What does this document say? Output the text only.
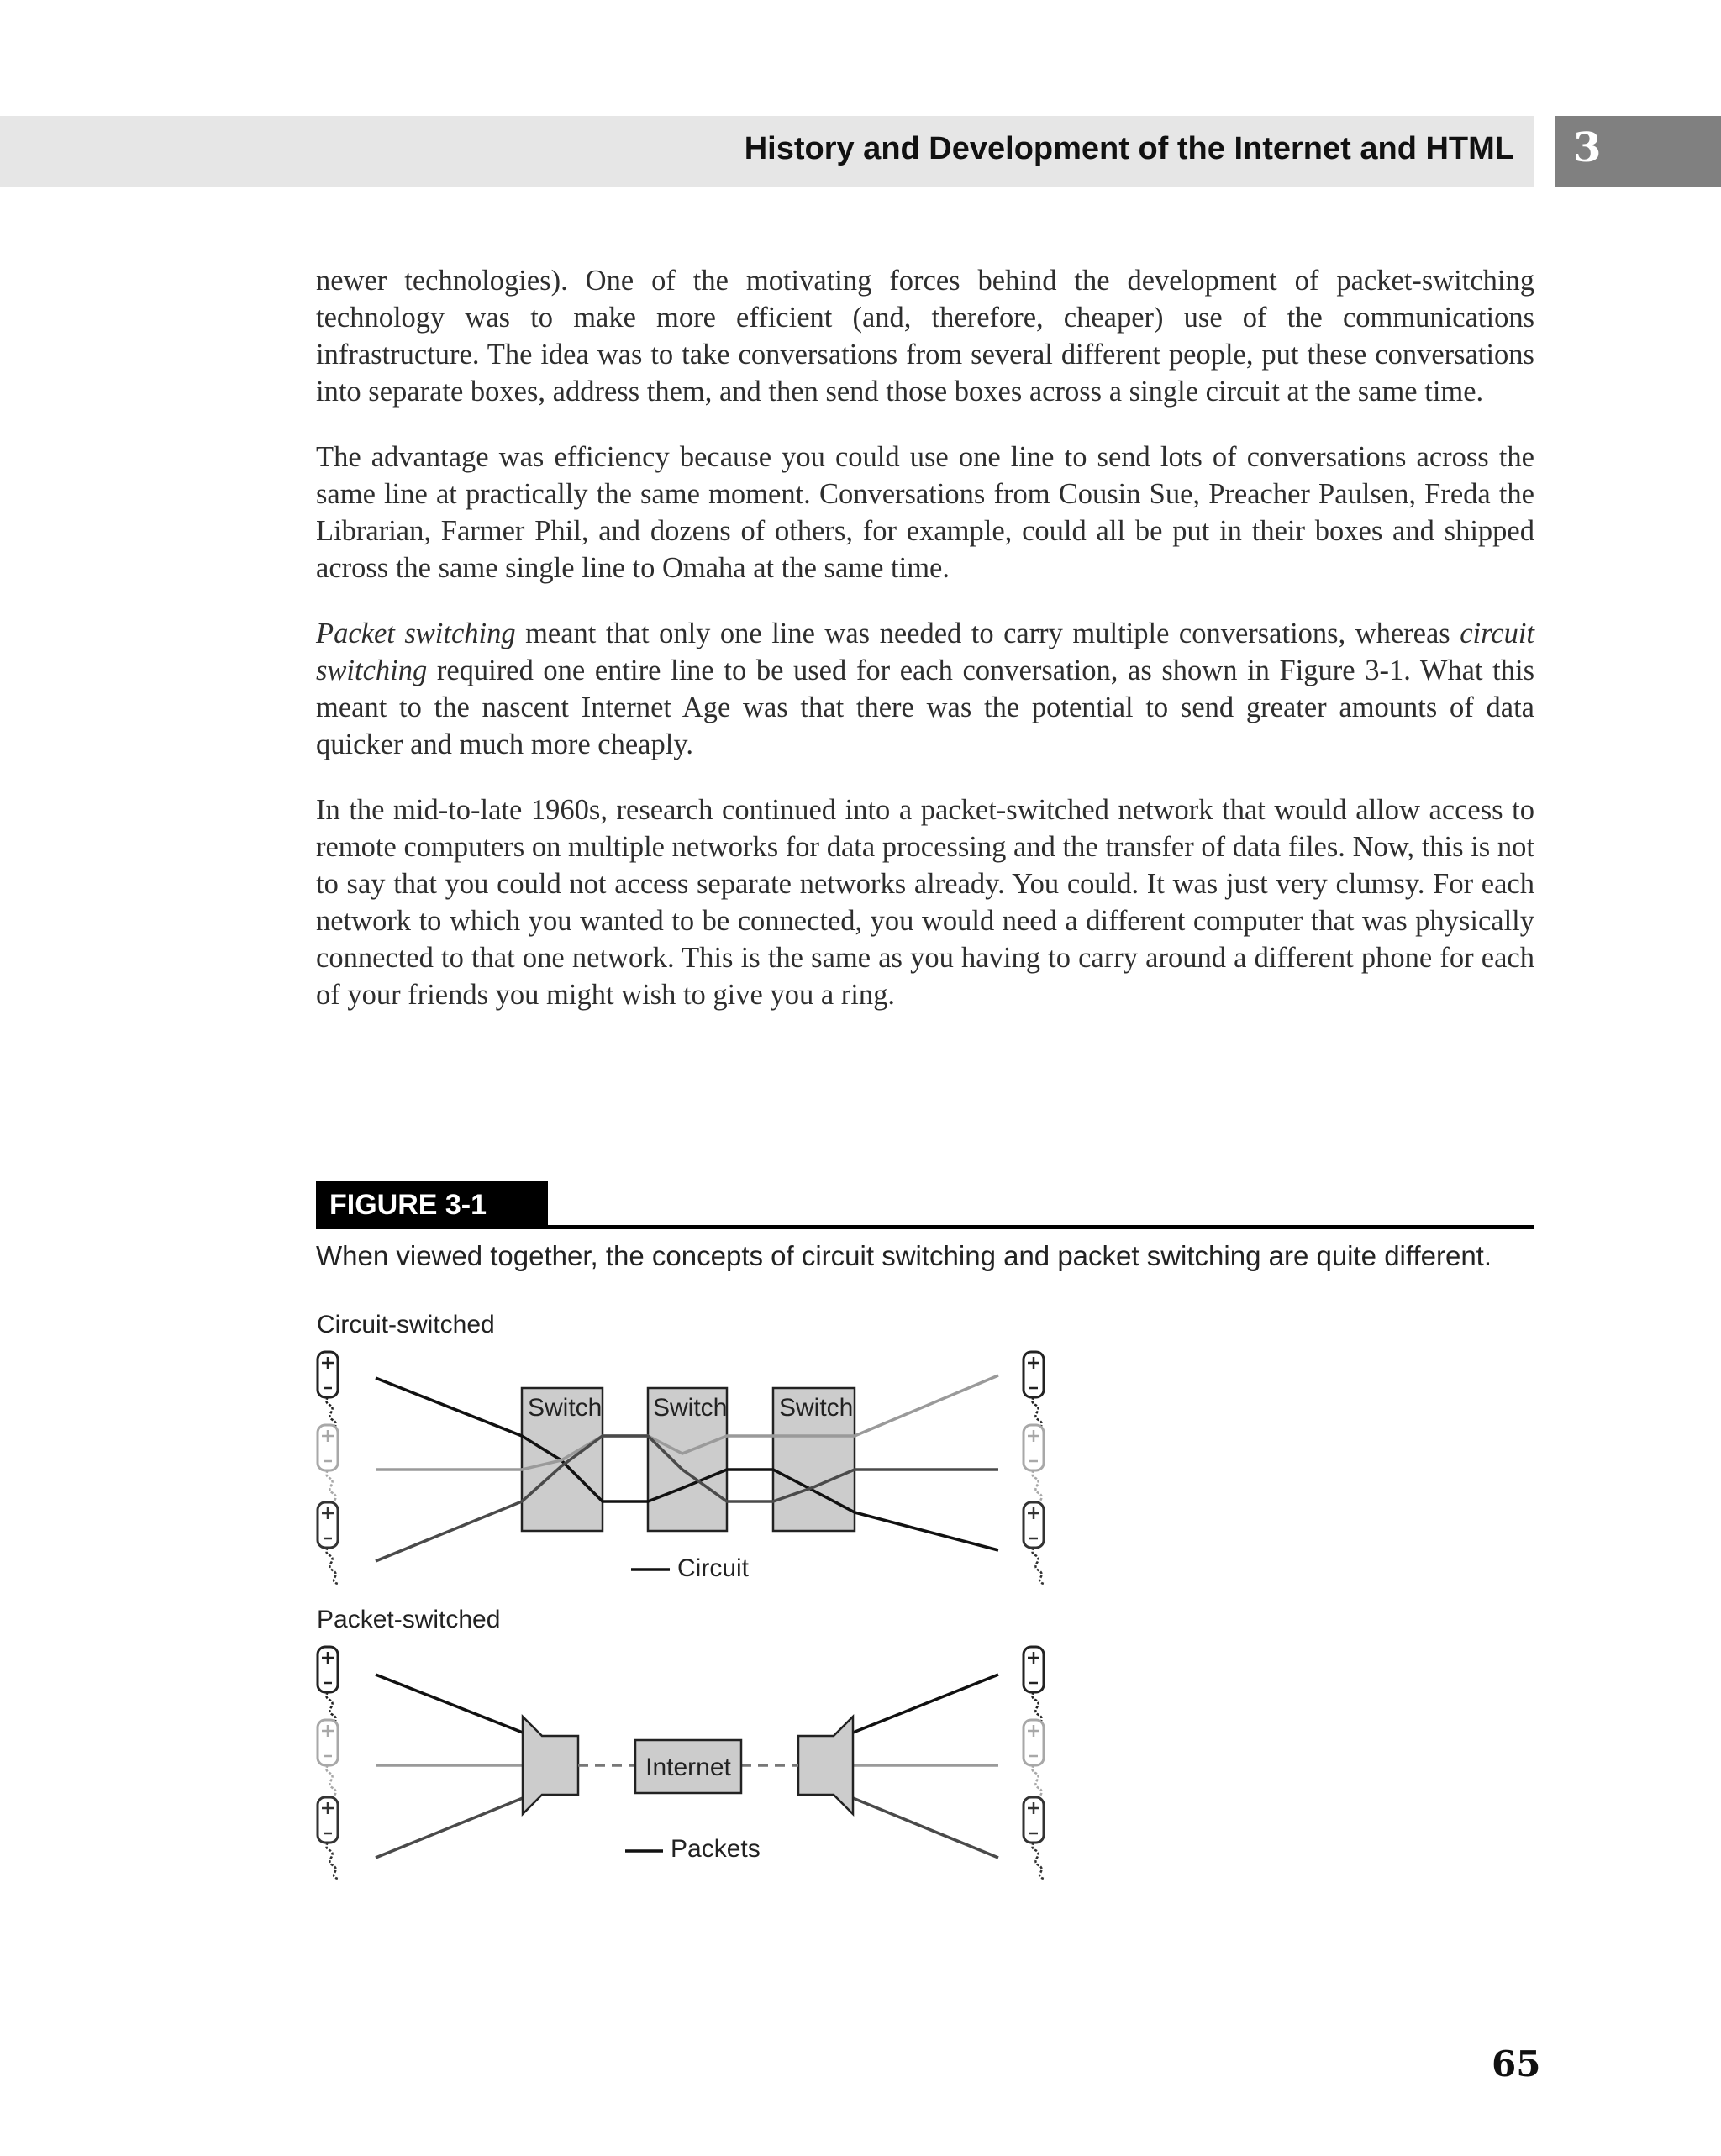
History and Development of the Internet and HTML 3

newer technologies). One of the motivating forces behind the development of packet-switching technology was to make more efficient (and, therefore, cheaper) use of the communications infrastructure. The idea was to take conversations from several different people, put these conversations into separate boxes, address them, and then send those boxes across a single circuit at the same time.

The advantage was efficiency because you could use one line to send lots of conversations across the same line at practically the same moment. Conversations from Cousin Sue, Preacher Paulsen, Freda the Librarian, Farmer Phil, and dozens of others, for example, could all be put in their boxes and shipped across the same single line to Omaha at the same time.

Packet switching meant that only one line was needed to carry multiple conversations, whereas circuit switching required one entire line to be used for each conversation, as shown in Figure 3-1. What this meant to the nascent Internet Age was that there was the potential to send greater amounts of data quicker and much more cheaply.

In the mid-to-late 1960s, research continued into a packet-switched network that would allow access to remote computers on multiple networks for data processing and the transfer of data files. Now, this is not to say that you could not access separate networks already. You could. It was just very clumsy. For each network to which you wanted to be connected, you would need a different computer that was physically connected to that one network. This is the same as you having to carry around a different phone for each of your friends you might wish to give you a ring.

FIGURE 3-1
When viewed together, the concepts of circuit switching and packet switching are quite different.
Circuit-switched
Switch Switch Switch
Circuit
Packet-switched
Internet
Packets
65
